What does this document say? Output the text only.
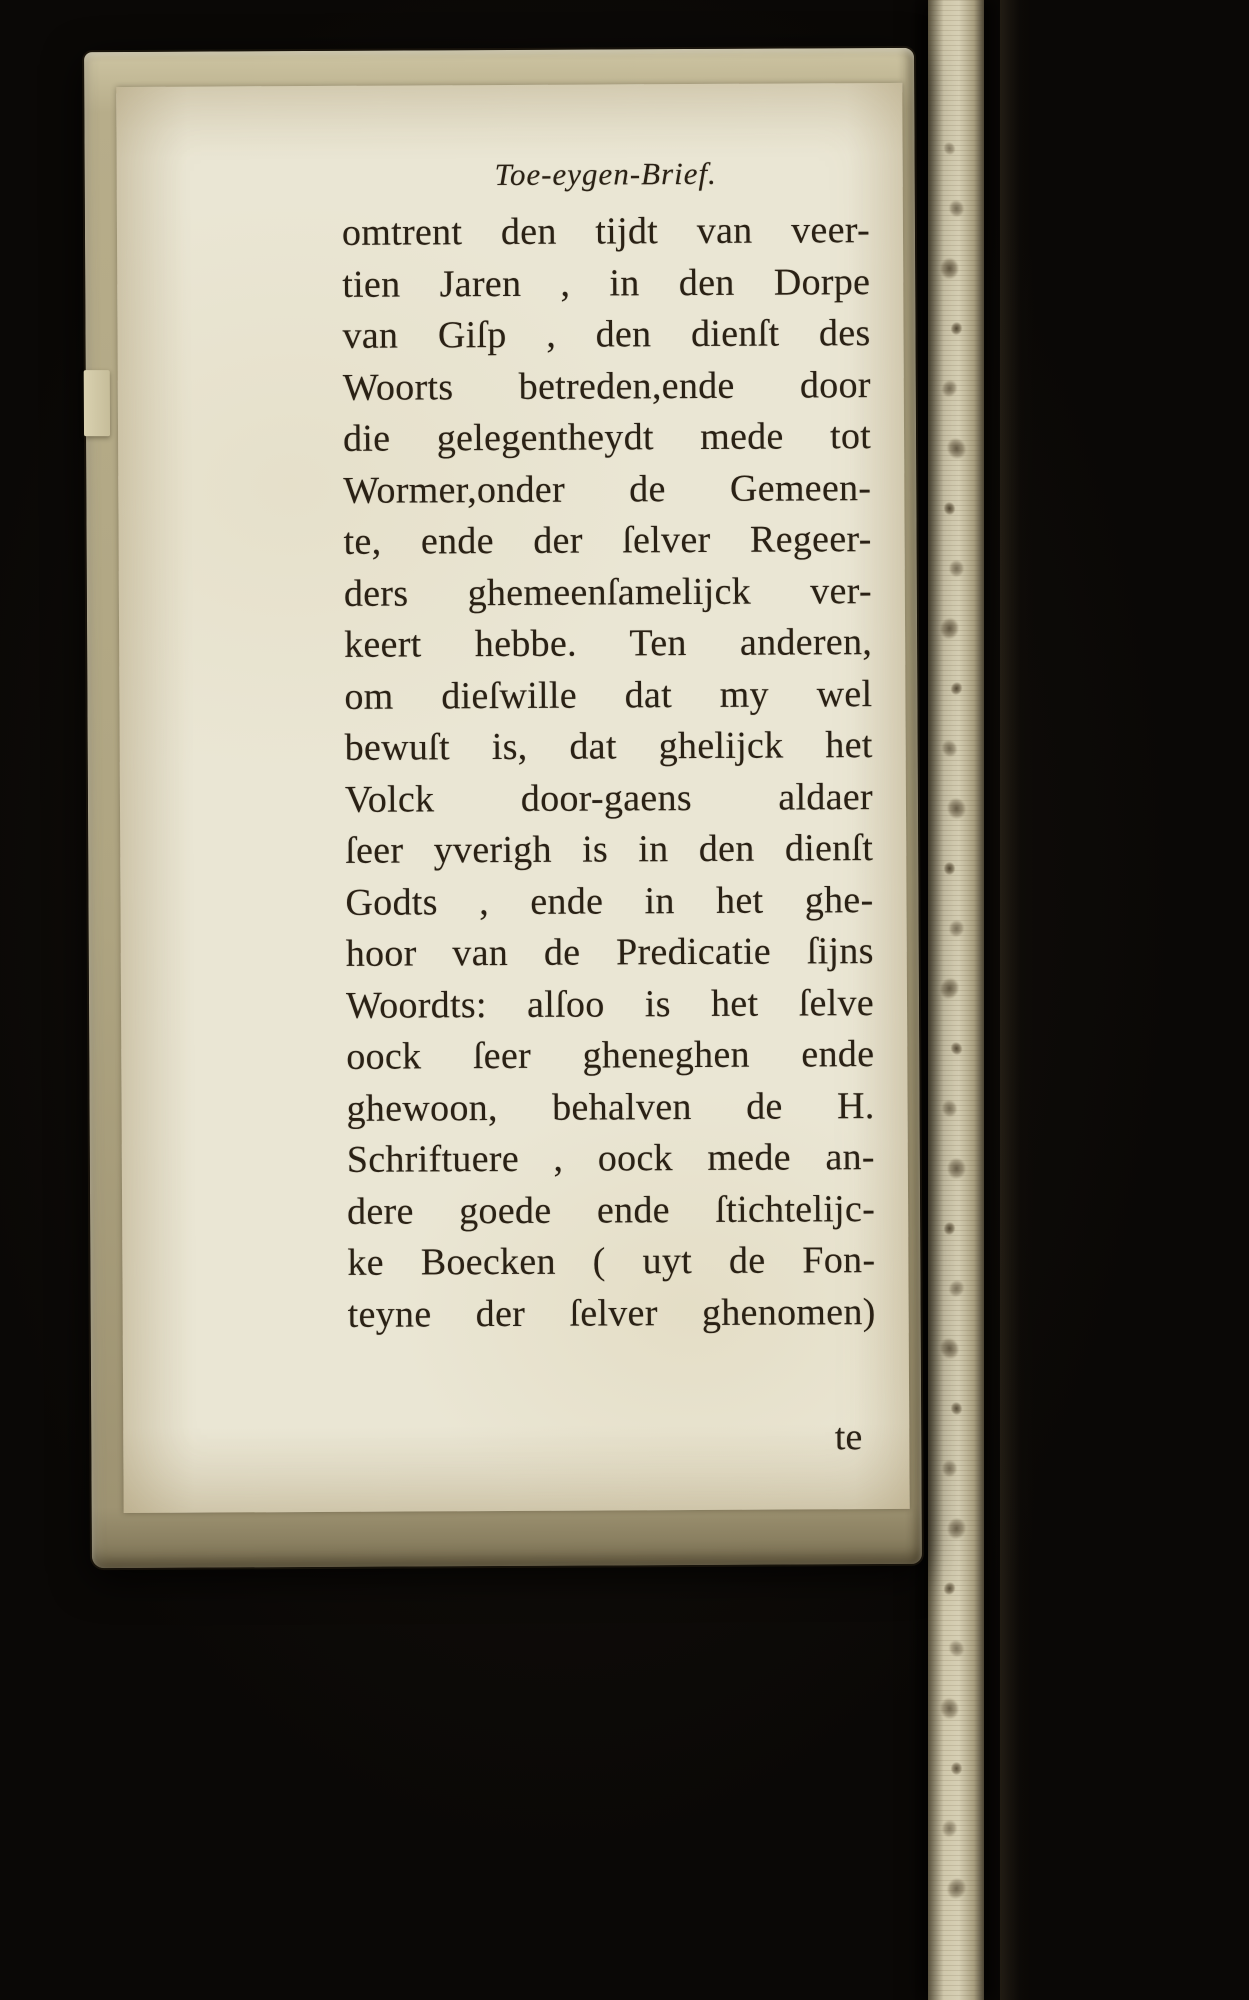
Toe-eygen-Brief.
omtrent den tijdt van veer-
tien Jaren , in den Dorpe
van Giſp , den dienſt des
Woorts betreden,ende door
die gelegentheydt mede tot
Wormer,onder de Gemeen-
te, ende der ſelver Regeer-
ders ghemeenſamelijck ver-
keert hebbe. Ten anderen,
om dieſwille dat my wel
bewuſt is, dat ghelijck het
Volck door-gaens aldaer
ſeer yverigh is in den dienſt
Godts , ende in het ghe-
hoor van de Predicatie ſijns
Woordts: alſoo is het ſelve
oock ſeer gheneghen ende
ghewoon, behalven de H.
Schriftuere , oock mede an-
dere goede ende ſtichtelijc-
ke Boecken ( uyt de Fon-
teyne der ſelver ghenomen)
te
